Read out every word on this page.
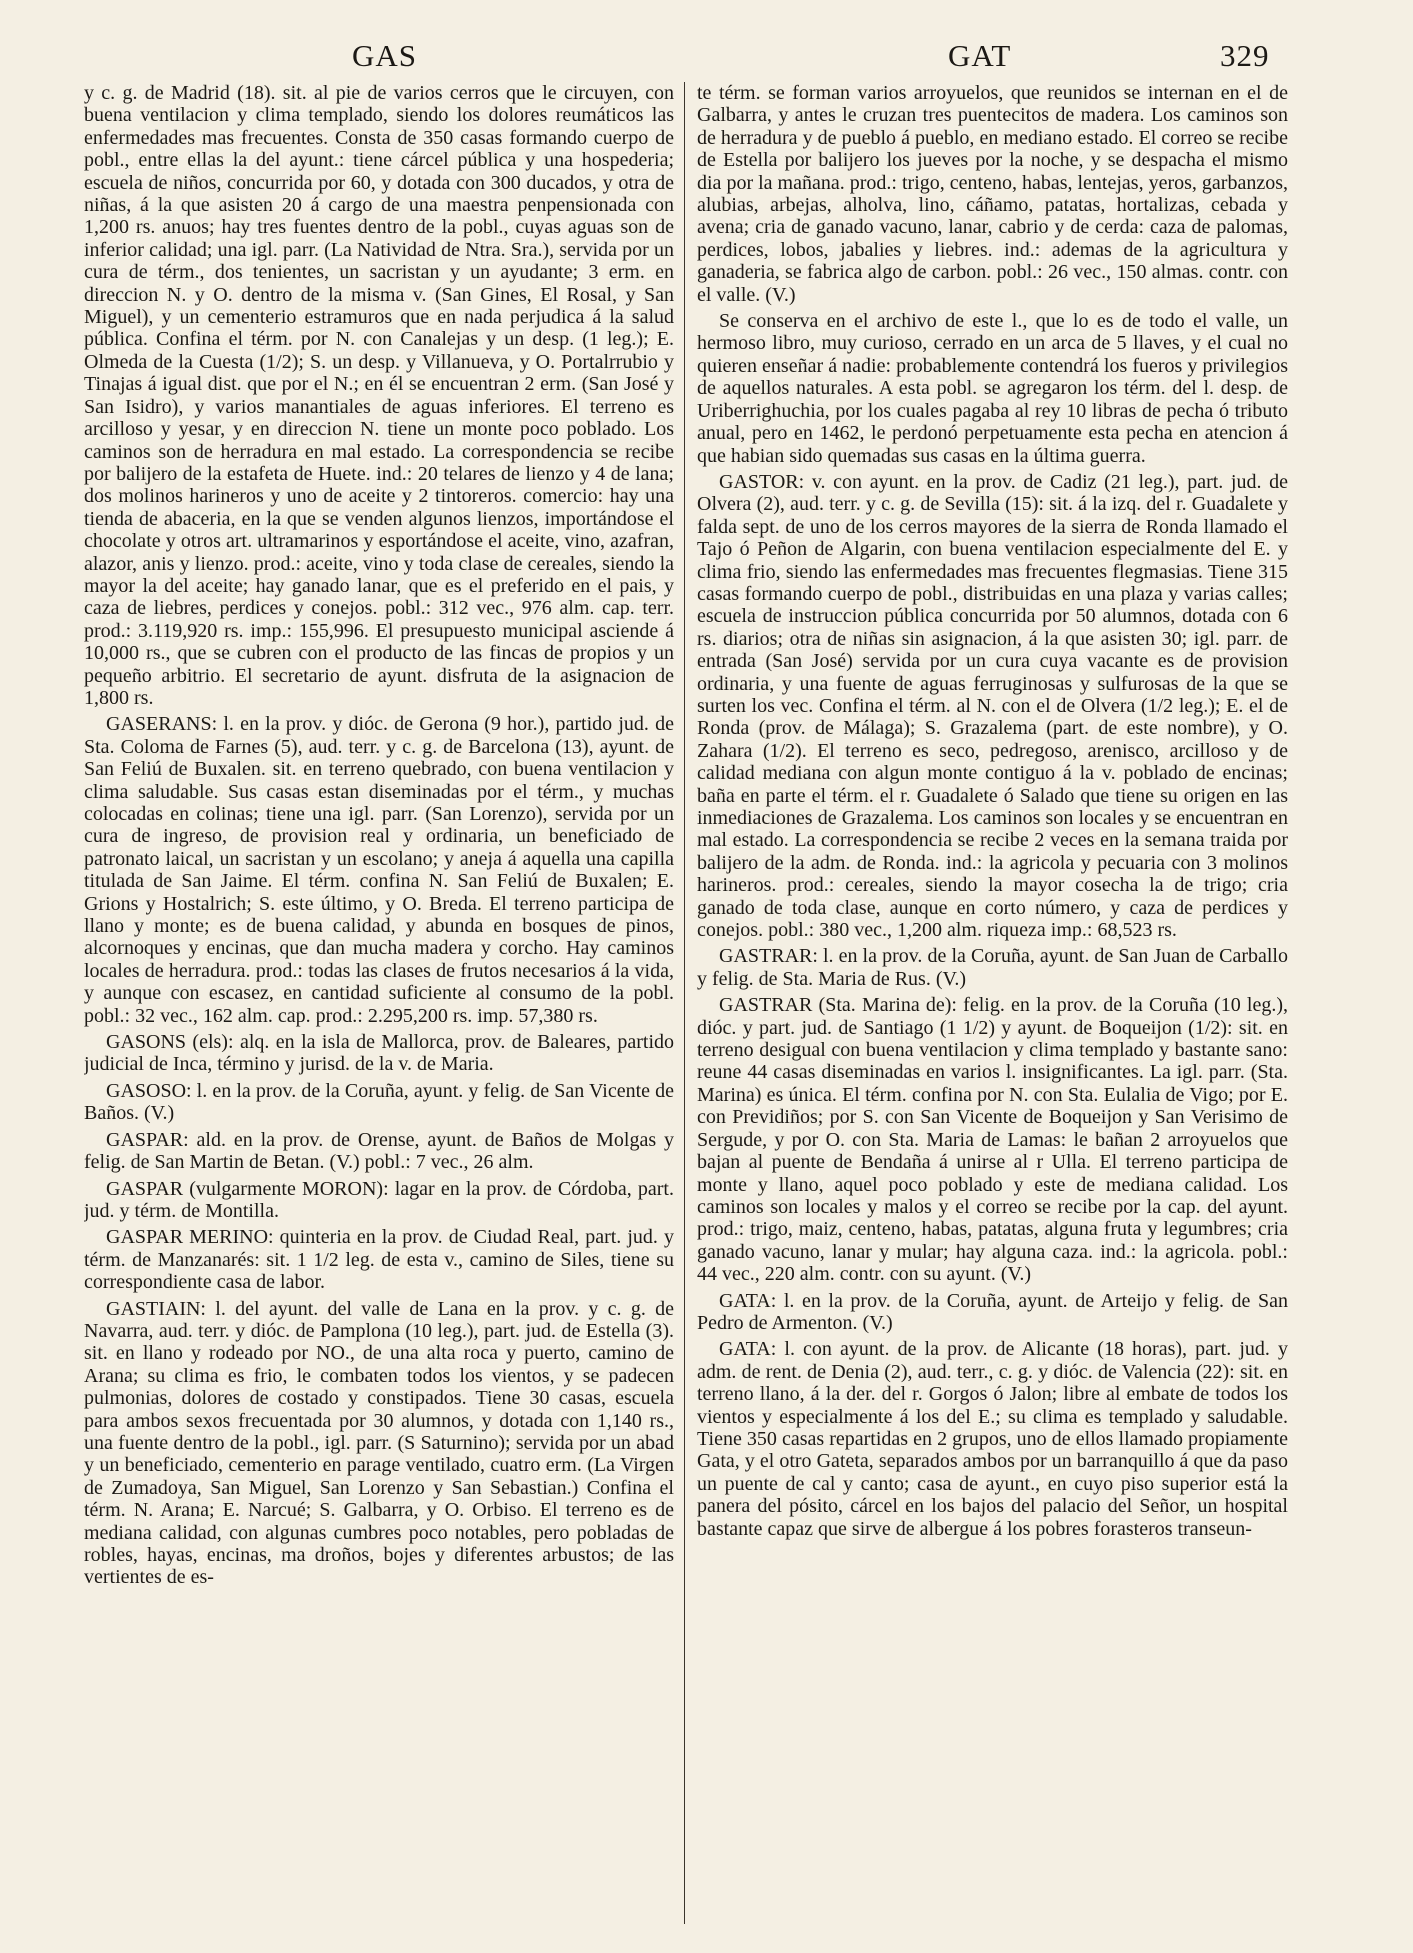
GAS	GAT	329

y c. g. de Madrid (18). sit. al pie de varios cerros que le circuyen, con buena ventilacion y clima templado, siendo los dolores reumáticos las enfermedades mas frecuentes. Consta de 350 casas formando cuerpo de pobl., entre ellas la del ayunt.: tiene cárcel pública y una hospederia; escuela de niños, concurrida por 60, y dotada con 300 ducados, y otra de niñas, á la que asisten 20 á cargo de una maestra penpensionada con 1,200 rs. anuos; hay tres fuentes dentro de la pobl., cuyas aguas son de inferior calidad; una igl. parr. (La Natividad de Ntra. Sra.), servida por un cura de térm., dos tenientes, un sacristan y un ayudante; 3 erm. en direccion N. y O. dentro de la misma v. (San Gines, El Rosal, y San Miguel), y un cementerio estramuros que en nada perjudica á la salud pública. Confina el térm. por N. con Canalejas y un desp. (1 leg.); E. Olmeda de la Cuesta (1/2); S. un desp. y Villanueva, y O. Portalrrubio y Tinajas á igual dist. que por el N.; en él se encuentran 2 erm. (San José y San Isidro), y varios manantiales de aguas inferiores. El terreno es arcilloso y yesar, y en direccion N. tiene un monte poco poblado. Los caminos son de herradura en mal estado. La correspondencia se recibe por balijero de la estafeta de Huete. ind.: 20 telares de lienzo y 4 de lana; dos molinos harineros y uno de aceite y 2 tintoreros. comercio: hay una tienda de abaceria, en la que se venden algunos lienzos, importándose el chocolate y otros art. ultramarinos y esportándose el aceite, vino, azafran, alazor, anis y lienzo. prod.: aceite, vino y toda clase de cereales, siendo la mayor la del aceite; hay ganado lanar, que es el preferido en el pais, y caza de liebres, perdices y conejos. pobl.: 312 vec., 976 alm. cap. terr. prod.: 3.119,920 rs. imp.: 155,996. El presupuesto municipal asciende á 10,000 rs., que se cubren con el producto de las fincas de propios y un pequeño arbitrio. El secretario de ayunt. disfruta de la asignacion de 1,800 rs.

GASERANS: l. en la prov. y dióc. de Gerona (9 hor.), partido jud. de Sta. Coloma de Farnes (5), aud. terr. y c. g. de Barcelona (13), ayunt. de San Feliú de Buxalen. sit. en terreno quebrado, con buena ventilacion y clima saludable. Sus casas estan diseminadas por el térm., y muchas colocadas en colinas; tiene una igl. parr. (San Lorenzo), servida por un cura de ingreso, de provision real y ordinaria, un beneficiado de patronato laical, un sacristan y un escolano; y aneja á aquella una capilla titulada de San Jaime. El térm. confina N. San Feliú de Buxalen; E. Grions y Hostalrich; S. este último, y O. Breda. El terreno participa de llano y monte; es de buena calidad, y abunda en bosques de pinos, alcornoques y encinas, que dan mucha madera y corcho. Hay caminos locales de herradura. prod.: todas las clases de frutos necesarios á la vida, y aunque con escasez, en cantidad suficiente al consumo de la pobl. pobl.: 32 vec., 162 alm. cap. prod.: 2.295,200 rs. imp. 57,380 rs.

GASONS (els): alq. en la isla de Mallorca, prov. de Baleares, partido judicial de Inca, término y jurisd. de la v. de Maria.

GASOSO: l. en la prov. de la Coruña, ayunt. y felig. de San Vicente de Baños. (V.)

GASPAR: ald. en la prov. de Orense, ayunt. de Baños de Molgas y felig. de San Martin de Betan. (V.) pobl.: 7 vec., 26 alm.

GASPAR (vulgarmente MORON): lagar en la prov. de Córdoba, part. jud. y térm. de Montilla.

GASPAR MERINO: quinteria en la prov. de Ciudad Real, part. jud. y térm. de Manzanarés: sit. 1 1/2 leg. de esta v., camino de Siles, tiene su correspondiente casa de labor.

GASTIAIN: l. del ayunt. del valle de Lana en la prov. y c. g. de Navarra, aud. terr. y dióc. de Pamplona (10 leg.), part. jud. de Estella (3). sit. en llano y rodeado por NO., de una alta roca y puerto, camino de Arana; su clima es frio, le combaten todos los vientos, y se padecen pulmonias, dolores de costado y constipados. Tiene 30 casas, escuela para ambos sexos frecuentada por 30 alumnos, y dotada con 1,140 rs., una fuente dentro de la pobl., igl. parr. (S Saturnino); servida por un abad y un beneficiado, cementerio en parage ventilado, cuatro erm. (La Virgen de Zumadoya, San Miguel, San Lorenzo y San Sebastian.) Confina el térm. N. Arana; E. Narcué; S. Galbarra, y O. Orbiso. El terreno es de mediana calidad, con algunas cumbres poco notables, pero pobladas de robles, hayas, encinas, ma droños, bojes y diferentes arbustos; de las vertientes de es-

te térm. se forman varios arroyuelos, que reunidos se internan en el de Galbarra, y antes le cruzan tres puentecitos de madera. Los caminos son de herradura y de pueblo á pueblo, en mediano estado. El correo se recibe de Estella por balijero los jueves por la noche, y se despacha el mismo dia por la mañana. prod.: trigo, centeno, habas, lentejas, yeros, garbanzos, alubias, arbejas, alholva, lino, cáñamo, patatas, hortalizas, cebada y avena; cria de ganado vacuno, lanar, cabrio y de cerda: caza de palomas, perdices, lobos, jabalies y liebres. ind.: ademas de la agricultura y ganaderia, se fabrica algo de carbon. pobl.: 26 vec., 150 almas. contr. con el valle. (V.)

Se conserva en el archivo de este l., que lo es de todo el valle, un hermoso libro, muy curioso, cerrado en un arca de 5 llaves, y el cual no quieren enseñar á nadie: probablemente contendrá los fueros y privilegios de aquellos naturales. A esta pobl. se agregaron los térm. del l. desp. de Uriberrighuchia, por los cuales pagaba al rey 10 libras de pecha ó tributo anual, pero en 1462, le perdonó perpetuamente esta pecha en atencion á que habian sido quemadas sus casas en la última guerra.

GASTOR: v. con ayunt. en la prov. de Cadiz (21 leg.), part. jud. de Olvera (2), aud. terr. y c. g. de Sevilla (15): sit. á la izq. del r. Guadalete y falda sept. de uno de los cerros mayores de la sierra de Ronda llamado el Tajo ó Peñon de Algarin, con buena ventilacion especialmente del E. y clima frio, siendo las enfermedades mas frecuentes flegmasias. Tiene 315 casas formando cuerpo de pobl., distribuidas en una plaza y varias calles; escuela de instruccion pública concurrida por 50 alumnos, dotada con 6 rs. diarios; otra de niñas sin asignacion, á la que asisten 30; igl. parr. de entrada (San José) servida por un cura cuya vacante es de provision ordinaria, y una fuente de aguas ferruginosas y sulfurosas de la que se surten los vec. Confina el térm. al N. con el de Olvera (1/2 leg.); E. el de Ronda (prov. de Málaga); S. Grazalema (part. de este nombre), y O. Zahara (1/2). El terreno es seco, pedregoso, arenisco, arcilloso y de calidad mediana con algun monte contiguo á la v. poblado de encinas; baña en parte el térm. el r. Guadalete ó Salado que tiene su origen en las inmediaciones de Grazalema. Los caminos son locales y se encuentran en mal estado. La correspondencia se recibe 2 veces en la semana traida por balijero de la adm. de Ronda. ind.: la agricola y pecuaria con 3 molinos harineros. prod.: cereales, siendo la mayor cosecha la de trigo; cria ganado de toda clase, aunque en corto número, y caza de perdices y conejos. pobl.: 380 vec., 1,200 alm. riqueza imp.: 68,523 rs.

GASTRAR: l. en la prov. de la Coruña, ayunt. de San Juan de Carballo y felig. de Sta. Maria de Rus. (V.)

GASTRAR (Sta. Marina de): felig. en la prov. de la Coruña (10 leg.), dióc. y part. jud. de Santiago (1 1/2) y ayunt. de Boqueijon (1/2): sit. en terreno desigual con buena ventilacion y clima templado y bastante sano: reune 44 casas diseminadas en varios l. insignificantes. La igl. parr. (Sta. Marina) es única. El térm. confina por N. con Sta. Eulalia de Vigo; por E. con Previdiños; por S. con San Vicente de Boqueijon y San Verisimo de Sergude, y por O. con Sta. Maria de Lamas: le bañan 2 arroyuelos que bajan al puente de Bendaña á unirse al r Ulla. El terreno participa de monte y llano, aquel poco poblado y este de mediana calidad. Los caminos son locales y malos y el correo se recibe por la cap. del ayunt. prod.: trigo, maiz, centeno, habas, patatas, alguna fruta y legumbres; cria ganado vacuno, lanar y mular; hay alguna caza. ind.: la agricola. pobl.: 44 vec., 220 alm. contr. con su ayunt. (V.)

GATA: l. en la prov. de la Coruña, ayunt. de Arteijo y felig. de San Pedro de Armenton. (V.)

GATA: l. con ayunt. de la prov. de Alicante (18 horas), part. jud. y adm. de rent. de Denia (2), aud. terr., c. g. y dióc. de Valencia (22): sit. en terreno llano, á la der. del r. Gorgos ó Jalon; libre al embate de todos los vientos y especialmente á los del E.; su clima es templado y saludable. Tiene 350 casas repartidas en 2 grupos, uno de ellos llamado propiamente Gata, y el otro Gateta, separados ambos por un barranquillo á que da paso un puente de cal y canto; casa de ayunt., en cuyo piso superior está la panera del pósito, cárcel en los bajos del palacio del Señor, un hospital bastante capaz que sirve de albergue á los pobres forasteros transeun-
